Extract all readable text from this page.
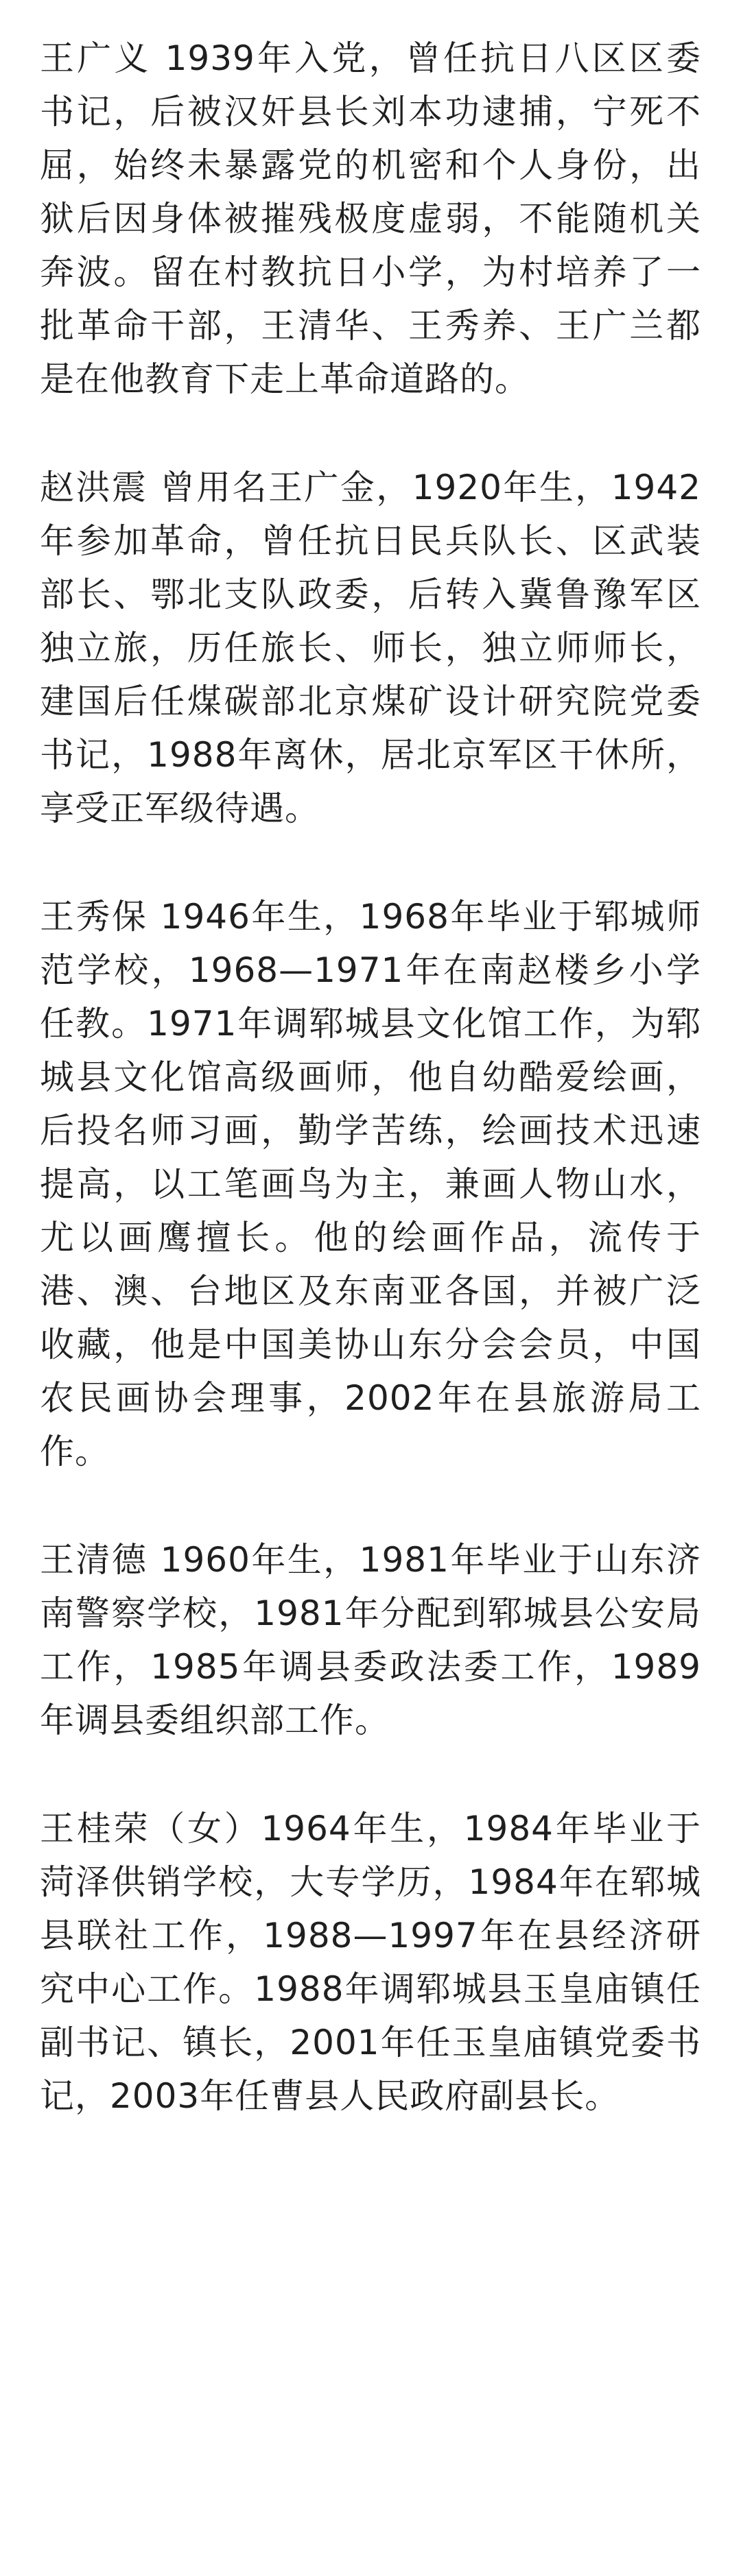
王广义 1939年入党，曾任抗日八区区委书记，后被汉奸县长刘本功逮捕，宁死不屈，始终未暴露党的机密和个人身份，出狱后因身体被摧残极度虚弱，不能随机关奔波。留在村教抗日小学，为村培养了一批革命干部，王清华、王秀养、王广兰都是在他教育下走上革命道路的。

赵洪震 曾用名王广金，1920年生，1942年参加革命，曾任抗日民兵队长、区武装部长、鄂北支队政委，后转入冀鲁豫军区独立旅，历任旅长、师长，独立师师长，建国后任煤碳部北京煤矿设计研究院党委书记，1988年离休，居北京军区干休所，享受正军级待遇。

王秀保 1946年生，1968年毕业于郓城师范学校，1968—1971年在南赵楼乡小学任教。1971年调郓城县文化馆工作，为郓城县文化馆高级画师，他自幼酷爱绘画，后投名师习画，勤学苦练，绘画技术迅速提高，以工笔画鸟为主，兼画人物山水，尤以画鹰擅长。他的绘画作品，流传于港、澳、台地区及东南亚各国，并被广泛收藏，他是中国美协山东分会会员，中国农民画协会理事，2002年在县旅游局工作。

王清德 1960年生，1981年毕业于山东济南警察学校，1981年分配到郓城县公安局工作，1985年调县委政法委工作，1989年调县委组织部工作。

王桂荣（女）1964年生，1984年毕业于菏泽供销学校，大专学历，1984年在郓城县联社工作，1988—1997年在县经济研究中心工作。1988年调郓城县玉皇庙镇任副书记、镇长，2001年任玉皇庙镇党委书记，2003年任曹县人民政府副县长。
